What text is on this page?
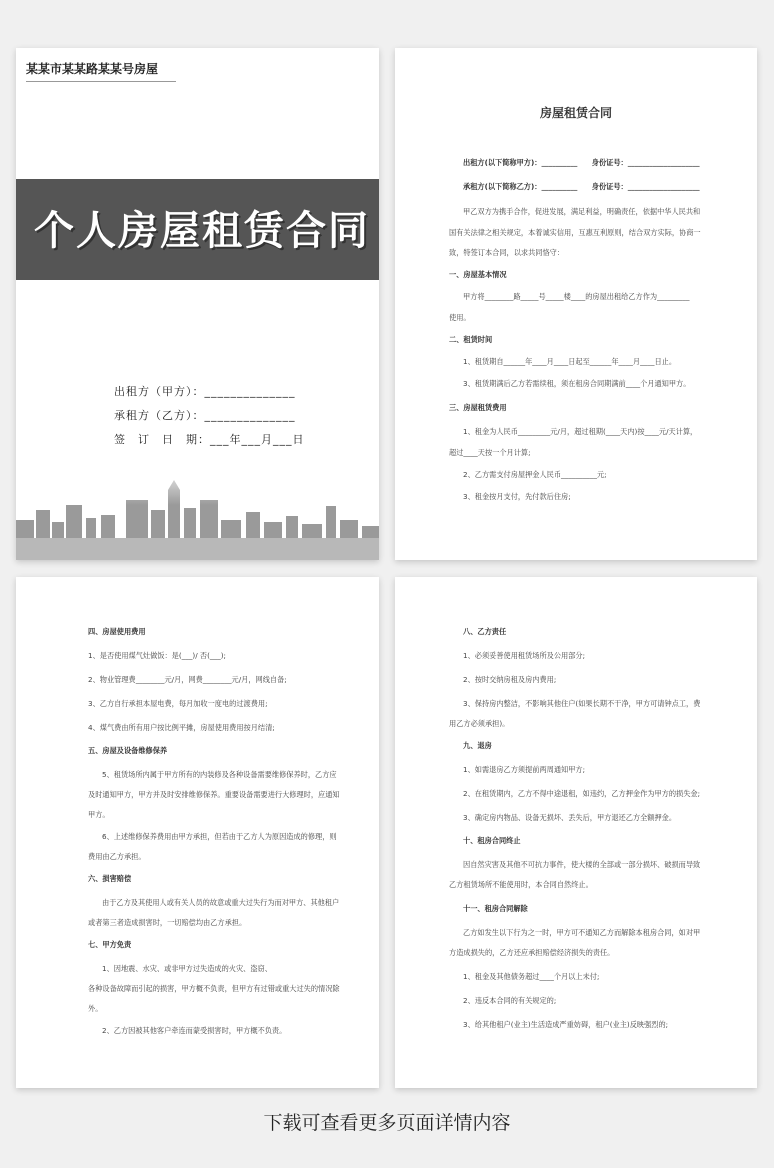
某某市某某路某某号房屋
个人房屋租赁合同
出租方（甲方）：______________
承租方（乙方）：______________
签　订　日　期：___年___月___日
房屋租赁合同
出租方(以下简称甲方)：__________　　身份证号：____________________
承租方(以下简称乙方)：__________　　身份证号：____________________
甲乙双方为携手合作，促进发展，满足利益，明确责任，依据中华人民共和
国有关法律之相关规定，本着诚实信用，互惠互利原则，结合双方实际，协商一
致，特签订本合同，以求共同恪守：
一、房屋基本情况
甲方将________路_____号_____楼____的房屋出租给乙方作为_________
使用。
二、租赁时间
1、租赁期自______年____月____日起至______年____月____日止。
3、租赁期满后乙方若需续租，须在租房合同期满前____个月通知甲方。
三、房屋租赁费用
1、租金为人民币_________元/月，超过租期(____天内)按____元/天计算，
超过____天按一个月计算;
2、乙方需支付房屋押金人民币__________元;
3、租金按月支付，先付款后住房;
四、房屋使用费用
1、是否使用煤气灶做饭：是(___)/ 否(___);
2、物业管理费________元/月，网费________元/月，网线自备;
3、乙方自行承担本屋电费，每月加收一度电的过渡费用;
4、煤气费由所有用户按比例平摊，房屋使用费用按月结清;
五、房屋及设备维修保养
5、租赁场所内属于甲方所有的内装修及各种设备需要维修保养时，乙方应
及时通知甲方，甲方并及时安排维修保养。重要设备需要进行大修理时，应通知
甲方。
6、上述维修保养费用由甲方承担，但若由于乙方人为原因造成的修理，则
费用由乙方承担。
六、损害赔偿
由于乙方及其使用人或有关人员的故意或重大过失行为而对甲方、其他租户
或者第三者造成损害时，一切赔偿均由乙方承担。
七、甲方免责
1、因地震、水灾、或非甲方过失造成的火灾、盗窃、
各种设备故障而引起的损害，甲方概不负责，但甲方有过错或重大过失的情况除
外。
2、乙方因被其他客户牵连而蒙受损害时，甲方概不负责。
八、乙方责任
1、必须妥善使用租赁场所及公用部分;
2、按时交纳房租及房内费用;
3、保持房内整洁，不影响其他住户(如果长期不干净，甲方可请钟点工，费
用乙方必须承担)。
九、退房
1、如需退房乙方须提前两周通知甲方;
2、在租赁期内，乙方不得中途退租，如违约，乙方押金作为甲方的损失金;
3、确定房内物品、设备无损坏、丢失后，甲方退还乙方全额押金。
十、租房合同终止
因自然灾害及其他不可抗力事件，使大楼的全部或一部分损坏、破损而导致
乙方租赁场所不能使用时，本合同自然终止。
十一、租房合同解除
乙方如发生以下行为之一时，甲方可不通知乙方而解除本租房合同，如对甲
方造成损失的，乙方还应承担赔偿经济损失的责任。
1、租金及其他债务超过____个月以上未付;
2、违反本合同的有关规定的;
3、给其他租户(业主)生活造成严重妨碍，租户(业主)反映强烈的;
下载可查看更多页面详情内容
